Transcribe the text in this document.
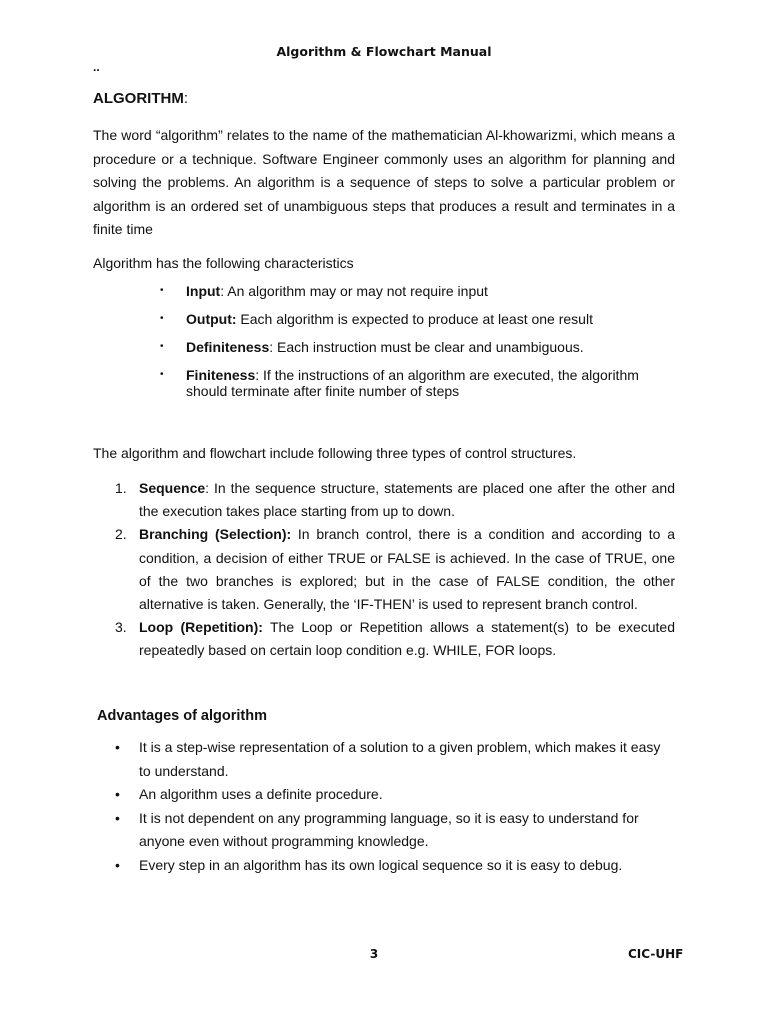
Algorithm & Flowchart Manual
..
ALGORITHM:
The word “algorithm” relates to the name of the mathematician Al-khowarizmi, which means a procedure or a technique. Software Engineer commonly uses an algorithm for planning and solving the problems. An algorithm is a sequence of steps to solve a particular problem or algorithm is an ordered set of unambiguous steps that produces a result and terminates in a finite time
Algorithm has the following characteristics
• Input: An algorithm may or may not require input
• Output: Each algorithm is expected to produce at least one result
• Definiteness: Each instruction must be clear and unambiguous.
• Finiteness: If the instructions of an algorithm are executed, the algorithm should terminate after finite number of steps
The algorithm and flowchart include following three types of control structures.
1. Sequence: In the sequence structure, statements are placed one after the other and the execution takes place starting from up to down.
2. Branching (Selection): In branch control, there is a condition and according to a condition, a decision of either TRUE or FALSE is achieved. In the case of TRUE, one of the two branches is explored; but in the case of FALSE condition, the other alternative is taken. Generally, the ‘IF-THEN’ is used to represent branch control.
3. Loop (Repetition): The Loop or Repetition allows a statement(s) to be executed repeatedly based on certain loop condition e.g. WHILE, FOR loops.
Advantages of algorithm
• It is a step-wise representation of a solution to a given problem, which makes it easy to understand.
• An algorithm uses a definite procedure.
• It is not dependent on any programming language, so it is easy to understand for anyone even without programming knowledge.
• Every step in an algorithm has its own logical sequence so it is easy to debug.
3	CIC-UHF
